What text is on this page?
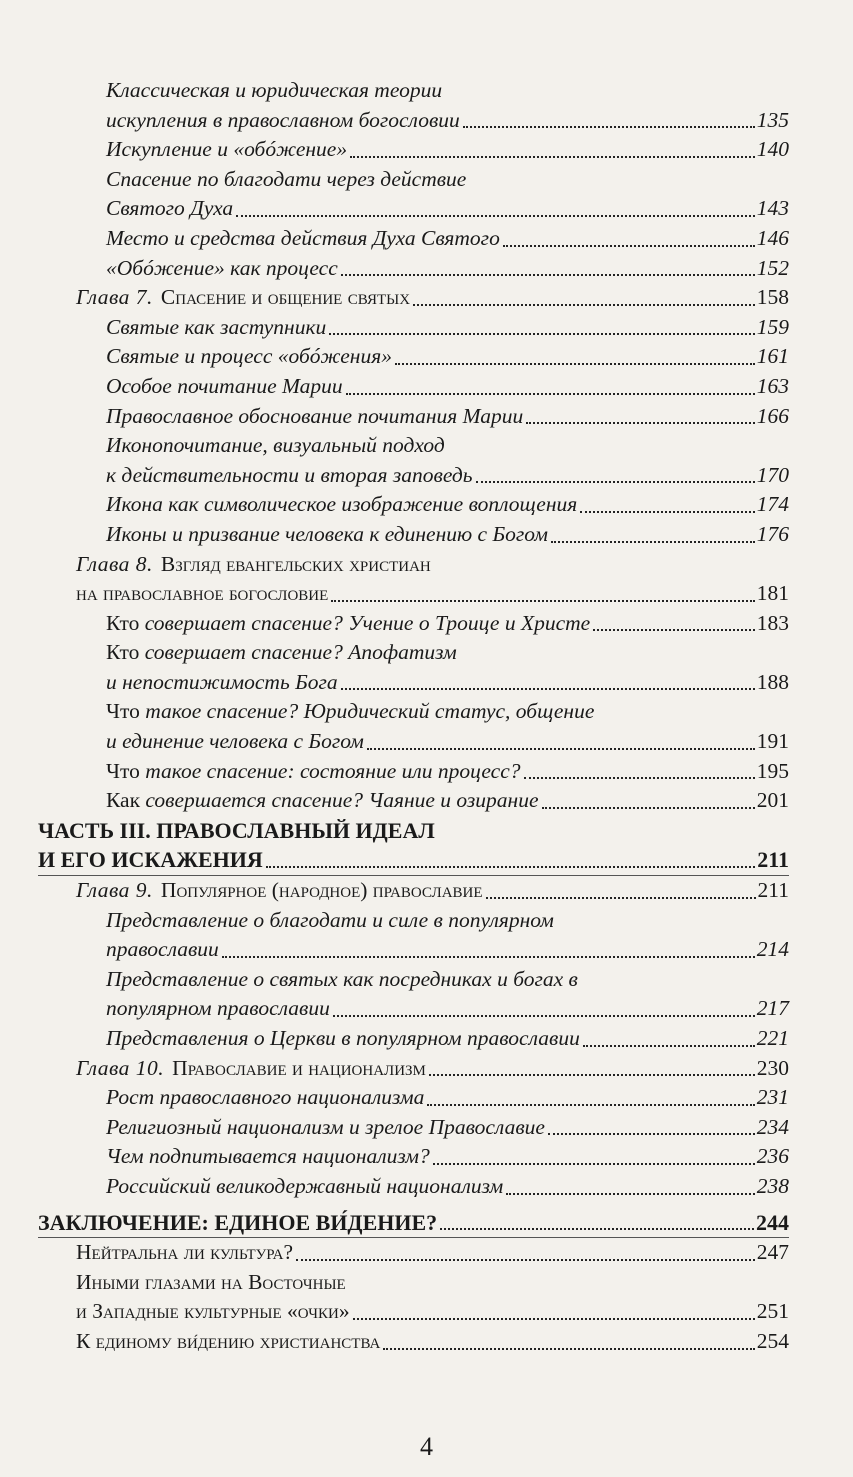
Классическая и юридическая теории
искупления в православном богословии	135
Искупление и «обóжение»	140
Спасение по благодати через действие
Святого Духа	143
Место и средства действия Духа Святого	146
«Обóжение» как процесс	152
Глава 7. Спасение и общение святых	158
Святые как заступники	159
Святые и процесс «обóжения»	161
Особое почитание Марии	163
Православное обоснование почитания Марии	166
Иконопочитание, визуальный подход
к действительности и вторая заповедь	170
Икона как символическое изображение воплощения	174
Иконы и призвание человека к единению с Богом	176
Глава 8. Взгляд евангельских христиан
на православное богословие	181
Кто совершает спасение? Учение о Троице и Христе	183
Кто совершает спасение? Апофатизм
и непостижимость Бога	188
Что такое спасение? Юридический статус, общение
и единение человека с Богом	191
Что такое спасение: состояние или процесс?	195
Как совершается спасение? Чаяние и озирание	201
ЧАСТЬ III. ПРАВОСЛАВНЫЙ ИДЕАЛ
И ЕГО ИСКАЖЕНИЯ	211
Глава 9. Популярное (народное) православие	211
Представление о благодати и силе в популярном
православии	214
Представление о святых как посредниках и богах в
популярном православии	217
Представления о Церкви в популярном православии	221
Глава 10. Православие и национализм	230
Рост православного национализма	231
Религиозный национализм и зрелое Православие	234
Чем подпитывается национализм?	236
Российский великодержавный национализм	238
ЗАКЛЮЧЕНИЕ: ЕДИНОЕ ВИ́ДЕНИЕ?	244
Нейтральна ли культура?	247
Иными глазами на Восточные
и Западные культурные «очки»	251
К единому ви́дению христианства	254
4
